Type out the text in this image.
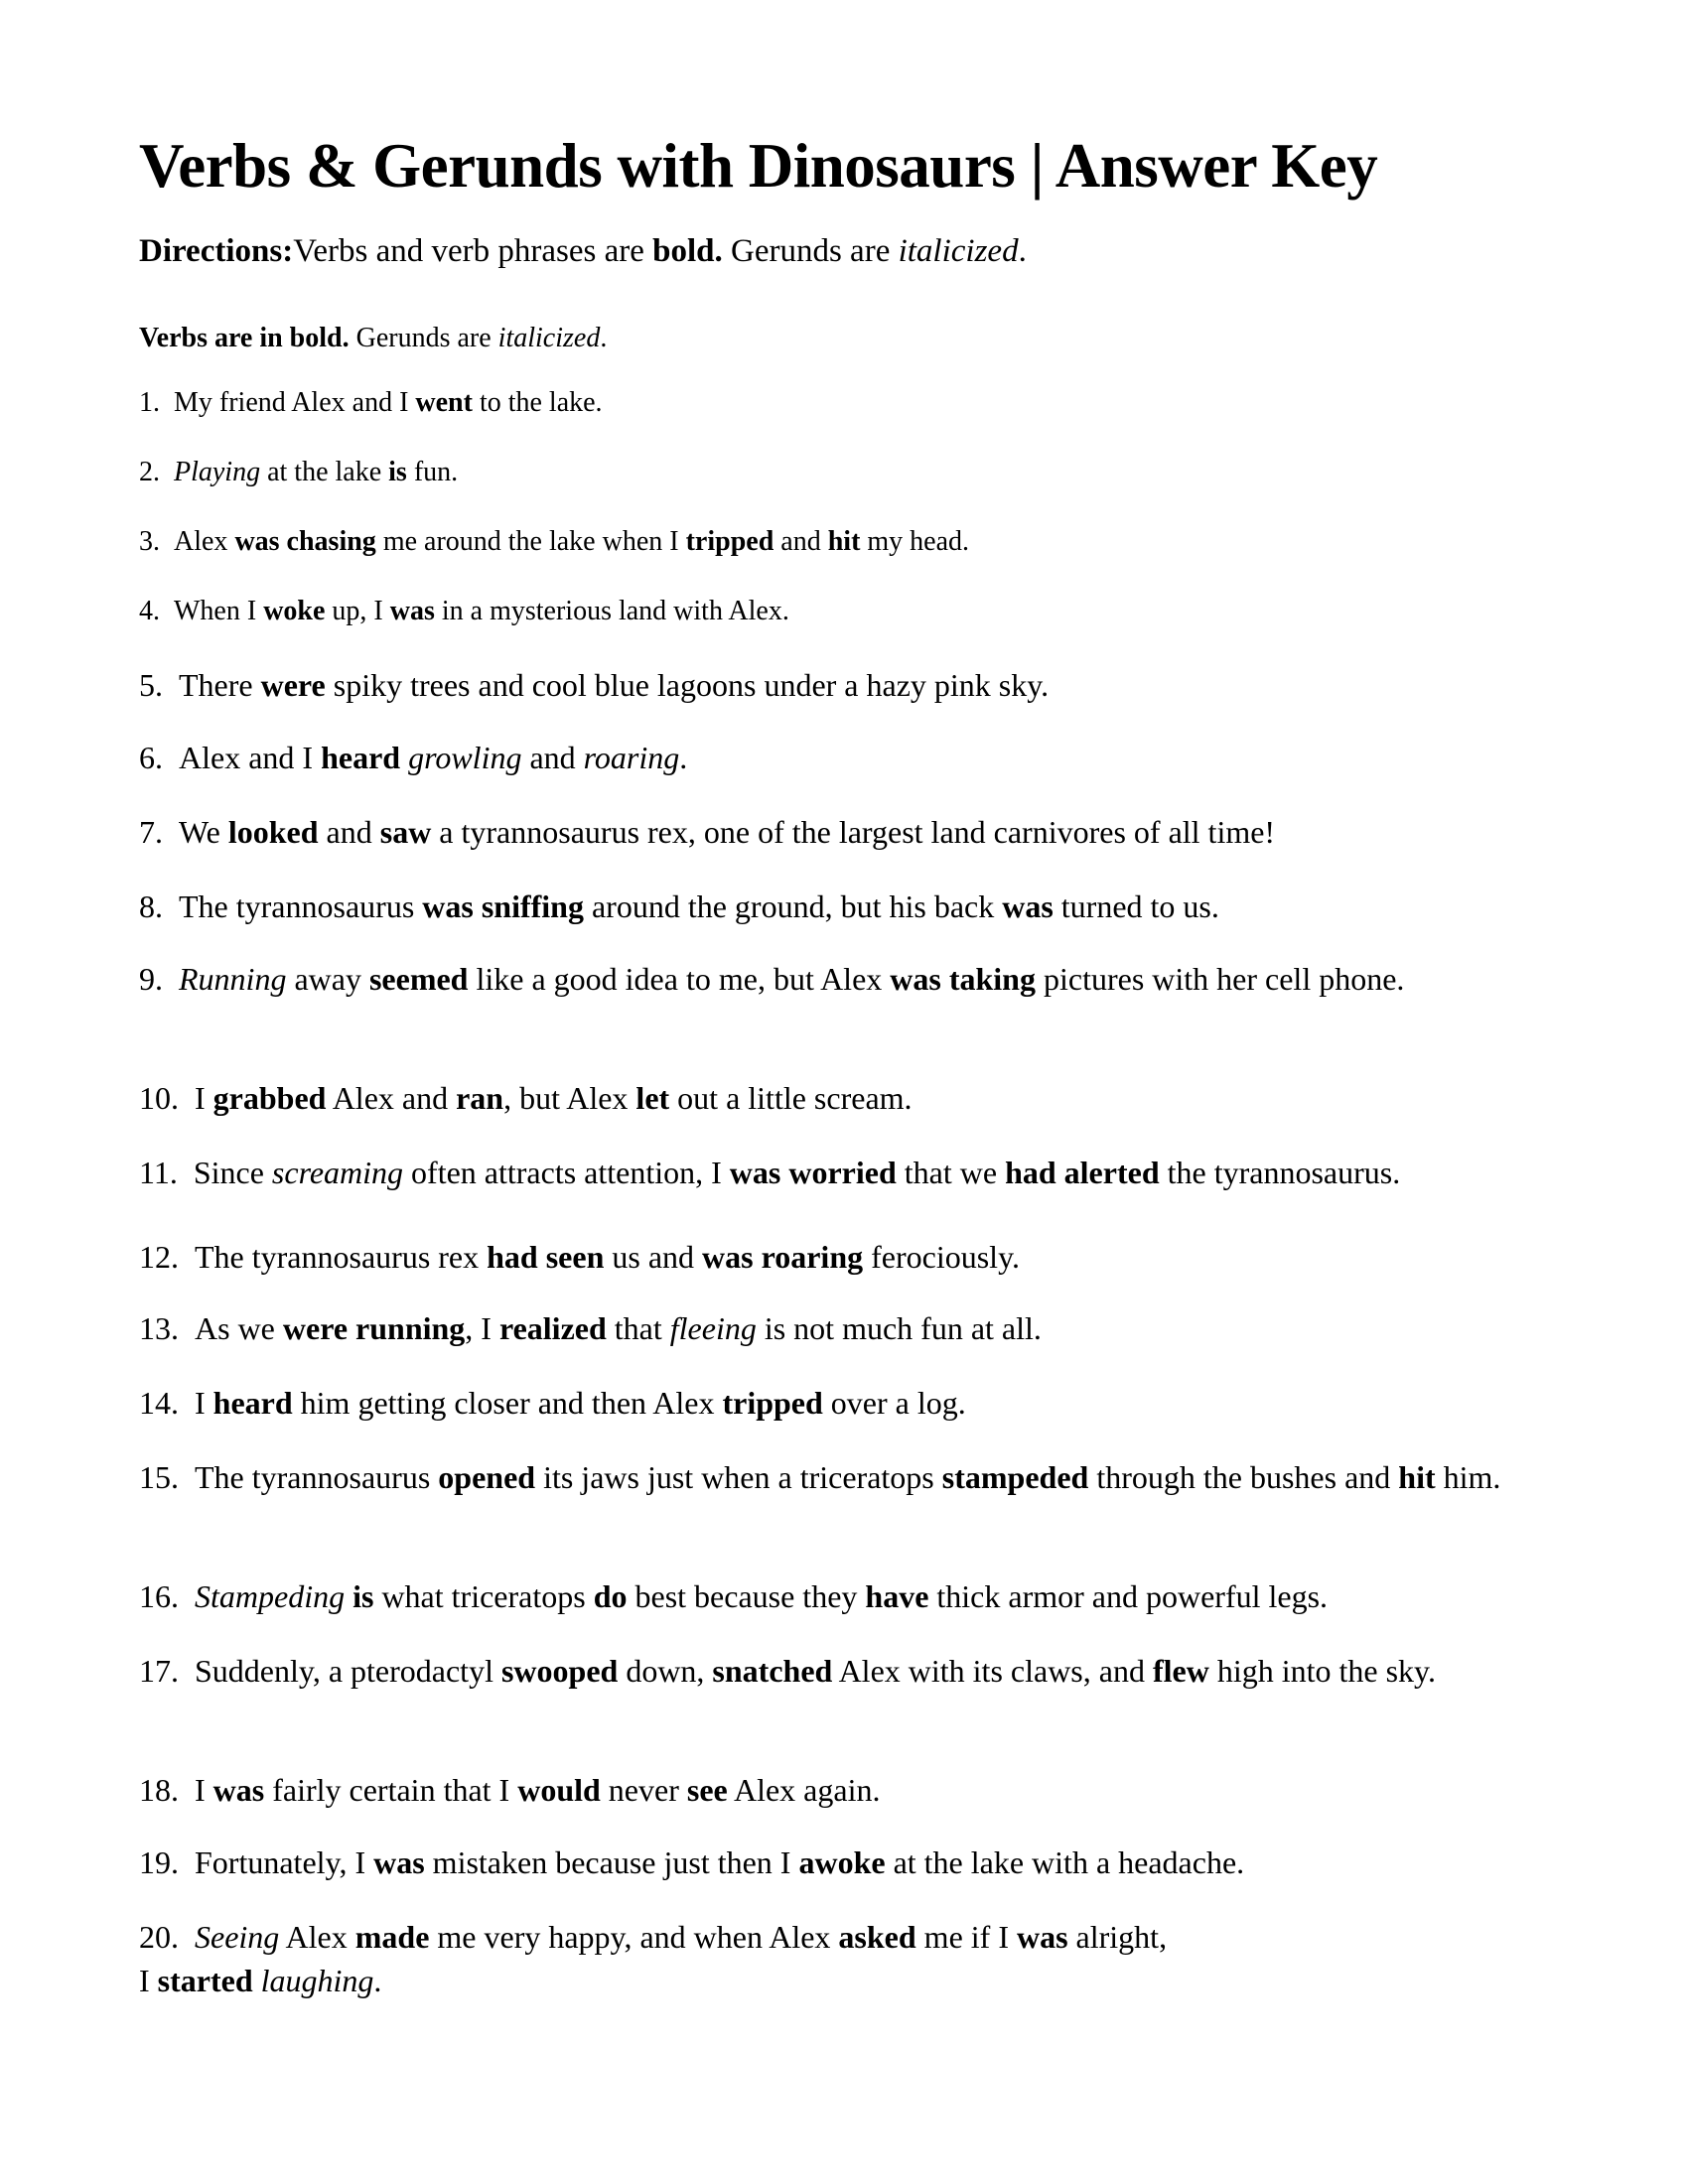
Verbs & Gerunds with Dinosaurs | Answer Key
Directions:Verbs and verb phrases are bold. Gerunds are italicized.
Verbs are in bold. Gerunds are italicized.
1. My friend Alex and I went to the lake.
2. Playing at the lake is fun.
3. Alex was chasing me around the lake when I tripped and hit my head.
4. When I woke up, I was in a mysterious land with Alex.
5. There were spiky trees and cool blue lagoons under a hazy pink sky.
6. Alex and I heard growling and roaring.
7. We looked and saw a tyrannosaurus rex, one of the largest land carnivores of all time!
8. The tyrannosaurus was sniffing around the ground, but his back was turned to us.
9. Running away seemed like a good idea to me, but Alex was taking pictures with her cell phone.
10. I grabbed Alex and ran, but Alex let out a little scream.
11. Since screaming often attracts attention, I was worried that we had alerted the tyrannosaurus.
12. The tyrannosaurus rex had seen us and was roaring ferociously.
13. As we were running, I realized that fleeing is not much fun at all.
14. I heard him getting closer and then Alex tripped over a log.
15. The tyrannosaurus opened its jaws just when a triceratops stampeded through the bushes and hit him.
16. Stampeding is what triceratops do best because they have thick armor and powerful legs.
17. Suddenly, a pterodactyl swooped down, snatched Alex with its claws, and flew high into the sky.
18. I was fairly certain that I would never see Alex again.
19. Fortunately, I was mistaken because just then I awoke at the lake with a headache.
20. Seeing Alex made me very happy, and when Alex asked me if I was alright,
I started laughing.
